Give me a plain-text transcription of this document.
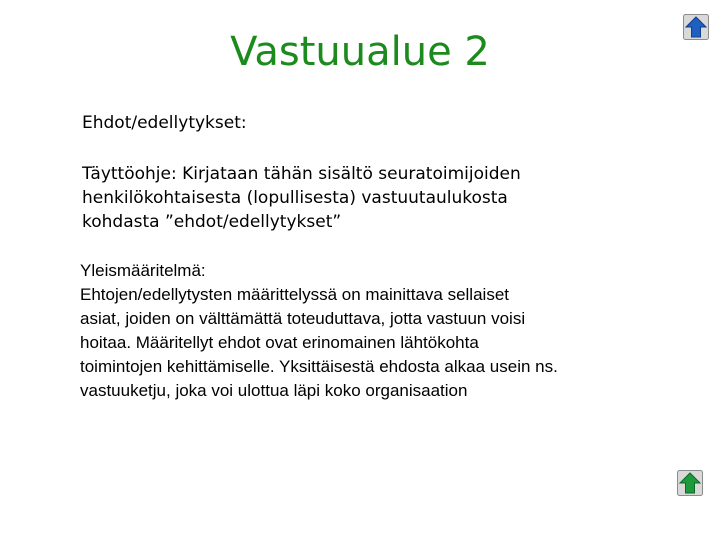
Vastuualue 2
Ehdot/edellytykset:
Täyttöohje: Kirjataan tähän sisältö seuratoimijoiden
henkilökohtaisesta (lopullisesta) vastuutaulukosta
kohdasta ”ehdot/edellytykset”
Yleismääritelmä:
Ehtojen/edellytysten määrittelyssä on mainittava sellaiset
asiat, joiden on välttämättä toteuduttava, jotta vastuun voisi
hoitaa. Määritellyt ehdot ovat erinomainen lähtökohta
toimintojen kehittämiselle. Yksittäisestä ehdosta alkaa usein ns.
vastuuketju, joka voi ulottua läpi koko organisaation
